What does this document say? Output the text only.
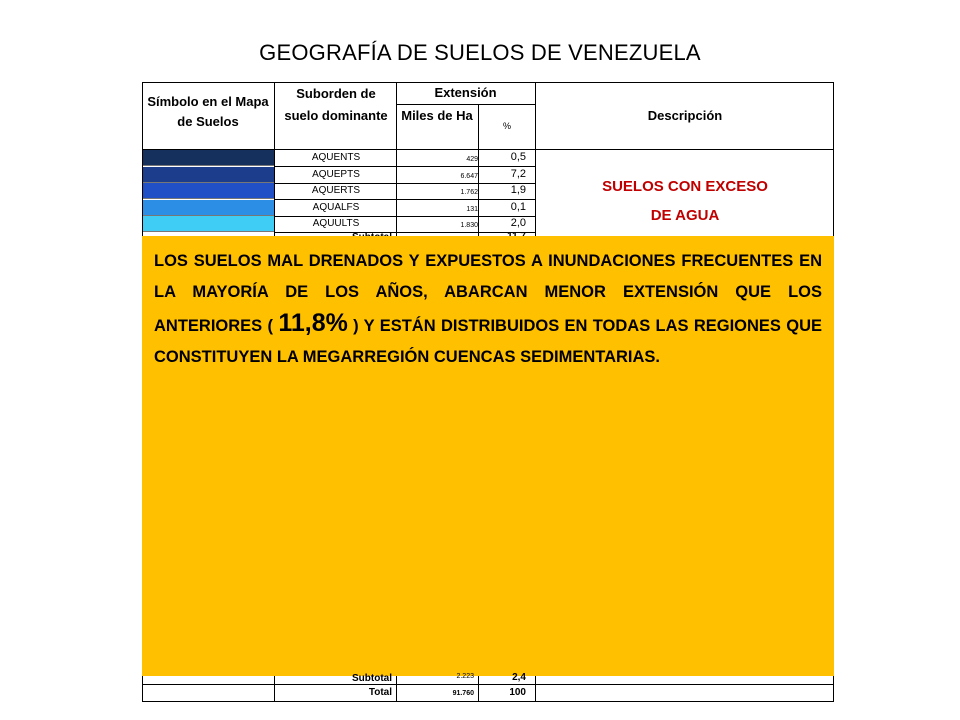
GEOGRAFÍA DE SUELOS DE VENEZUELA
Símbolo en el Mapa de Suelos
Suborden de suelo dominante
Extensión
Miles de Ha
%
Descripción
AQUENTS	429	0,5
AQUEPTS	6.647	7,2
AQUERTS	1.762	1,9
AQUALFS	131	0,1
AQUULTS	1.830	2,0
SUELOS CON EXCESO
DE AGUA

LOS SUELOS MAL DRENADOS Y EXPUESTOS A INUNDACIONES FRECUENTES EN LA MAYORÍA DE LOS AÑOS, ABARCAN MENOR EXTENSIÓN QUE LOS ANTERIORES ( 11,8% ) Y ESTÁN DISTRIBUIDOS EN TODAS LAS REGIONES QUE CONSTITUYEN LA MEGARREGIÓN CUENCAS SEDIMENTARIAS.

Subtotal	2.223	2,4
Total	91.760	100
